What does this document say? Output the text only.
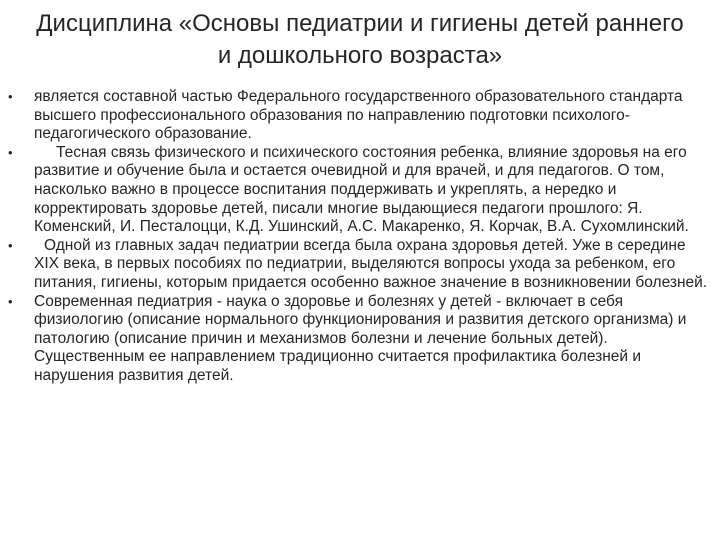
Дисциплина «Основы педиатрии и гигиены детей раннего
и дошкольного возраста»
• является составной частью Федерального государственного образовательного стандарта высшего профессионального образования по направлению подготовки психолого-педагогического образование.
•	Тесная связь физического и психического состояния ребенка, влияние здоровья на его развитие и обучение была и остается очевидной и для врачей, и для педагогов. О том, насколько важно в процессе воспитания поддерживать и укреплять, а нередко и корректировать здоровье детей, писали многие выдающиеся педагоги прошлого: Я. Коменский, И. Песталоцци, К.Д. Ушинский, А.С. Макаренко, Я. Корчак, В.А. Сухомлинский.
• Одной из главных задач педиатрии всегда была охрана здоровья детей. Уже в середине XIX века, в первых пособиях по педиатрии, выделяются вопросы ухода за ребенком, его питания, гигиены, которым придается особенно важное значение в возникновении болезней.
• Современная педиатрия - наука о здоровье и болезнях у детей - включает в себя физиологию (описание нормального функционирования и развития детского организма) и патологию (описание причин и механизмов болезни и лечение больных детей). Существенным ее направлением традиционно считается профилактика болезней и нарушения развития детей.
